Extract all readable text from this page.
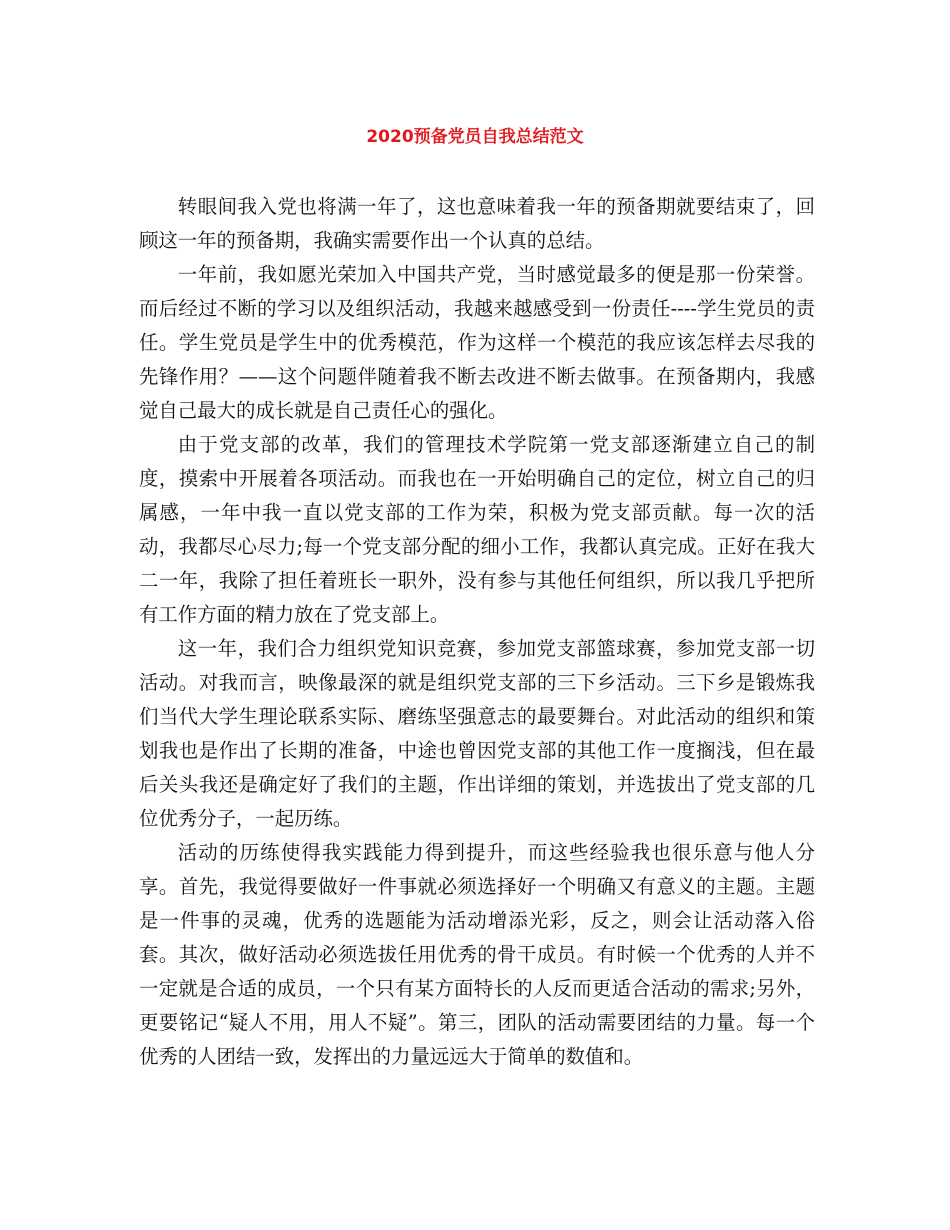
2020预备党员自我总结范文

转眼间我入党也将满一年了，这也意味着我一年的预备期就要结束了，回顾这一年的预备期，我确实需要作出一个认真的总结。

一年前，我如愿光荣加入中国共产党，当时感觉最多的便是那一份荣誉。而后经过不断的学习以及组织活动，我越来越感受到一份责任----学生党员的责任。学生党员是学生中的优秀模范，作为这样一个模范的我应该怎样去尽我的先锋作用？——这个问题伴随着我不断去改进不断去做事。在预备期内，我感觉自己最大的成长就是自己责任心的强化。

由于党支部的改革，我们的管理技术学院第一党支部逐渐建立自己的制度，摸索中开展着各项活动。而我也在一开始明确自己的定位，树立自己的归属感，一年中我一直以党支部的工作为荣，积极为党支部贡献。每一次的活动，我都尽心尽力;每一个党支部分配的细小工作，我都认真完成。正好在我大二一年，我除了担任着班长一职外，没有参与其他任何组织，所以我几乎把所有工作方面的精力放在了党支部上。

这一年，我们合力组织党知识竞赛，参加党支部篮球赛，参加党支部一切活动。对我而言，映像最深的就是组织党支部的三下乡活动。三下乡是锻炼我们当代大学生理论联系实际、磨练坚强意志的最要舞台。对此活动的组织和策划我也是作出了长期的准备，中途也曾因党支部的其他工作一度搁浅，但在最后关头我还是确定好了我们的主题，作出详细的策划，并选拔出了党支部的几位优秀分子，一起历练。

活动的历练使得我实践能力得到提升，而这些经验我也很乐意与他人分享。首先，我觉得要做好一件事就必须选择好一个明确又有意义的主题。主题是一件事的灵魂，优秀的选题能为活动增添光彩，反之，则会让活动落入俗套。其次，做好活动必须选拔任用优秀的骨干成员。有时候一个优秀的人并不一定就是合适的成员，一个只有某方面特长的人反而更适合活动的需求;另外，更要铭记“疑人不用，用人不疑”。第三，团队的活动需要团结的力量。每一个优秀的人团结一致，发挥出的力量远远大于简单的数值和。
